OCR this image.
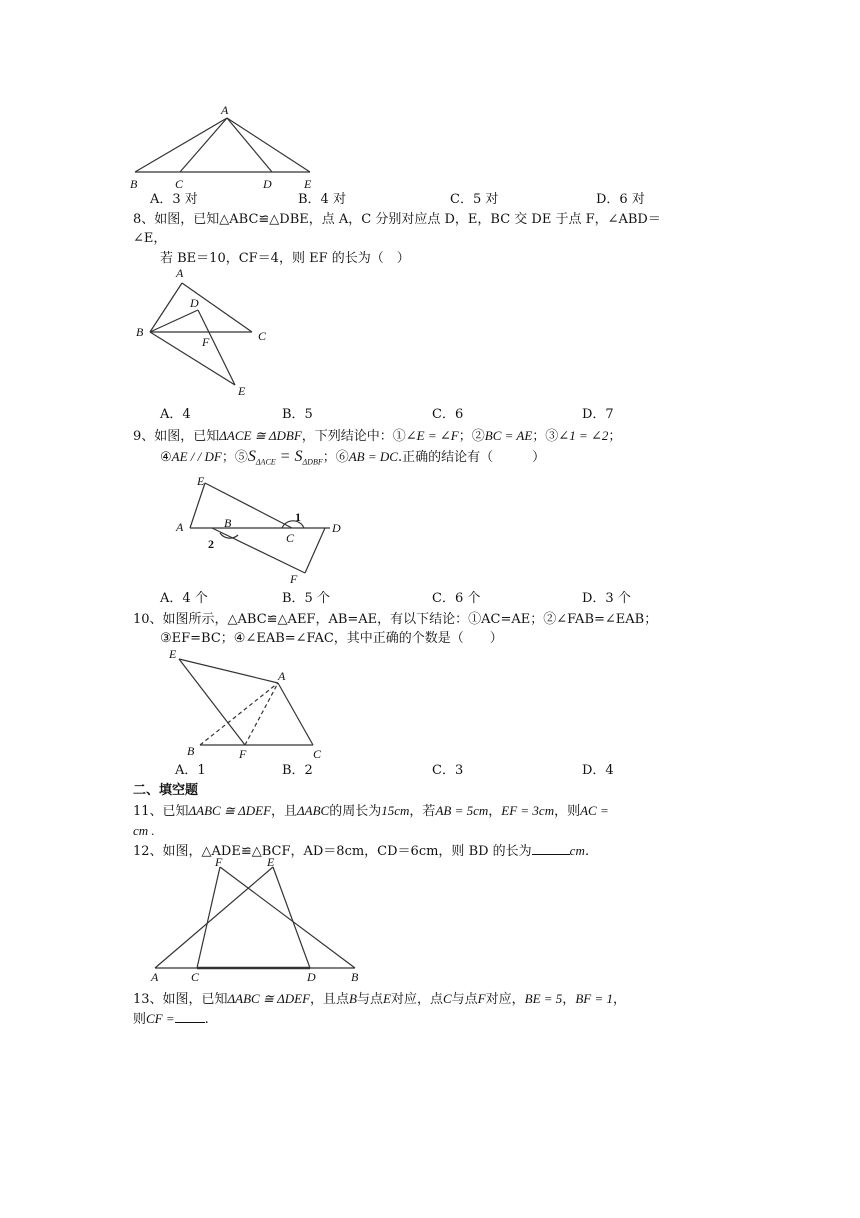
A
B	C	D	E
A．3 对	B．4 对	C．5 对	D．6 对
8、如图，已知△ABC≌△DBE，点 A，C 分别对应点 D，E，BC 交 DE 于点 F，∠ABD＝
∠E，
若 BE＝10，CF＝4，则 EF 的长为（　）
A
B	C
D
F
E
A．4	B．5	C．6	D．7
9、如图，已知ΔACE ≅ ΔDBF，下列结论中：①∠E = ∠F；②BC = AE；③∠1 = ∠2；
④AE / / DF；$⑤S_{\Delta ACE} = S_{\Delta DBF}$；⑥AB = DC.正确的结论有（　　　）
E
A	B	1
C
D
2
F
A．4 个	B．5 个	C．6 个	D．3 个
10、如图所示，△ABC≌△AEF，AB=AE，有以下结论：①AC=AE；②∠FAB=∠EAB；
③EF=BC；④∠EAB=∠FAC，其中正确的个数是（　　）
E
A
B	F	C
A．1	B．2	C．3	D．4
二、填空题
11、已知ΔABC ≅ ΔDEF，且ΔABC的周长为15cm，若AB = 5cm，EF = 3cm，则AC =
cm .
12、如图，△ADE≌△BCF，AD＝8cm，CD＝6cm，则 BD 的长为	cm．
F	E
A	C	D	B
13、如图，已知ΔABC ≅ ΔDEF，且点B与点E对应，点C与点F对应，BE = 5，BF = 1，
则CF = .
